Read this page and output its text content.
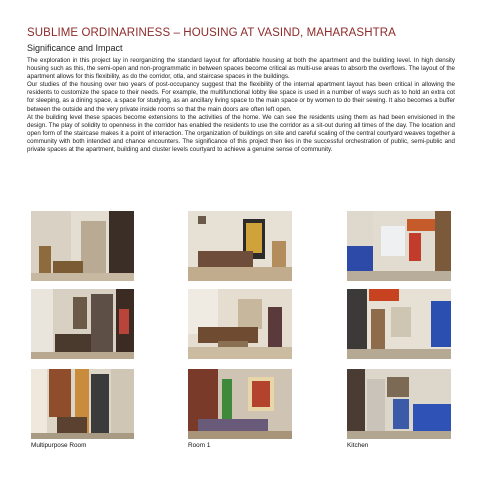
SUBLIME ORDINARINESS – HOUSING AT VASIND, MAHARASHTRA
Significance and Impact

The exploration in this project lay in reorganizing the standard layout for affordable housing at both the apartment and the building level. In high density housing such as this, the semi-open and non-programmatic in between spaces become critical as multi-use areas to absorb the overflows. The layout of the apartment allows for this flexibility, as do the corridor, otla, and staircase spaces in the buildings.

Our studies of the housing over two years of post-occupancy suggest that the flexibility of the internal apartment layout has been critical in allowing the residents to customize the space to their needs. For example, the multifunctional lobby like space is used in a number of ways such as to hold an extra cot for sleeping, as a dining space, a space for studying, as an ancillary living space to the main space or by women to do their sewing. It also becomes a buffer between the outside and the very private inside rooms so that the main doors are often left open.

At the building level these spaces become extensions to the activities of the home. We can see the residents using them as had been envisioned in the design. The play of solidity to openness in the corridor has enabled the residents to use the corridor as a sit-out during all times of the day. The location and open form of the staircase makes it a point of interaction. The organization of buildings on site and careful scaling of the central courtyard weaves together a community with both intended and chance encounters. The significance of this project then lies in the successful orchestration of public, semi-public and private spaces at the apartment, building and cluster levels courtyard to achieve a genuine sense of community.

Multipurpose Room	Room 1	Kitchen
